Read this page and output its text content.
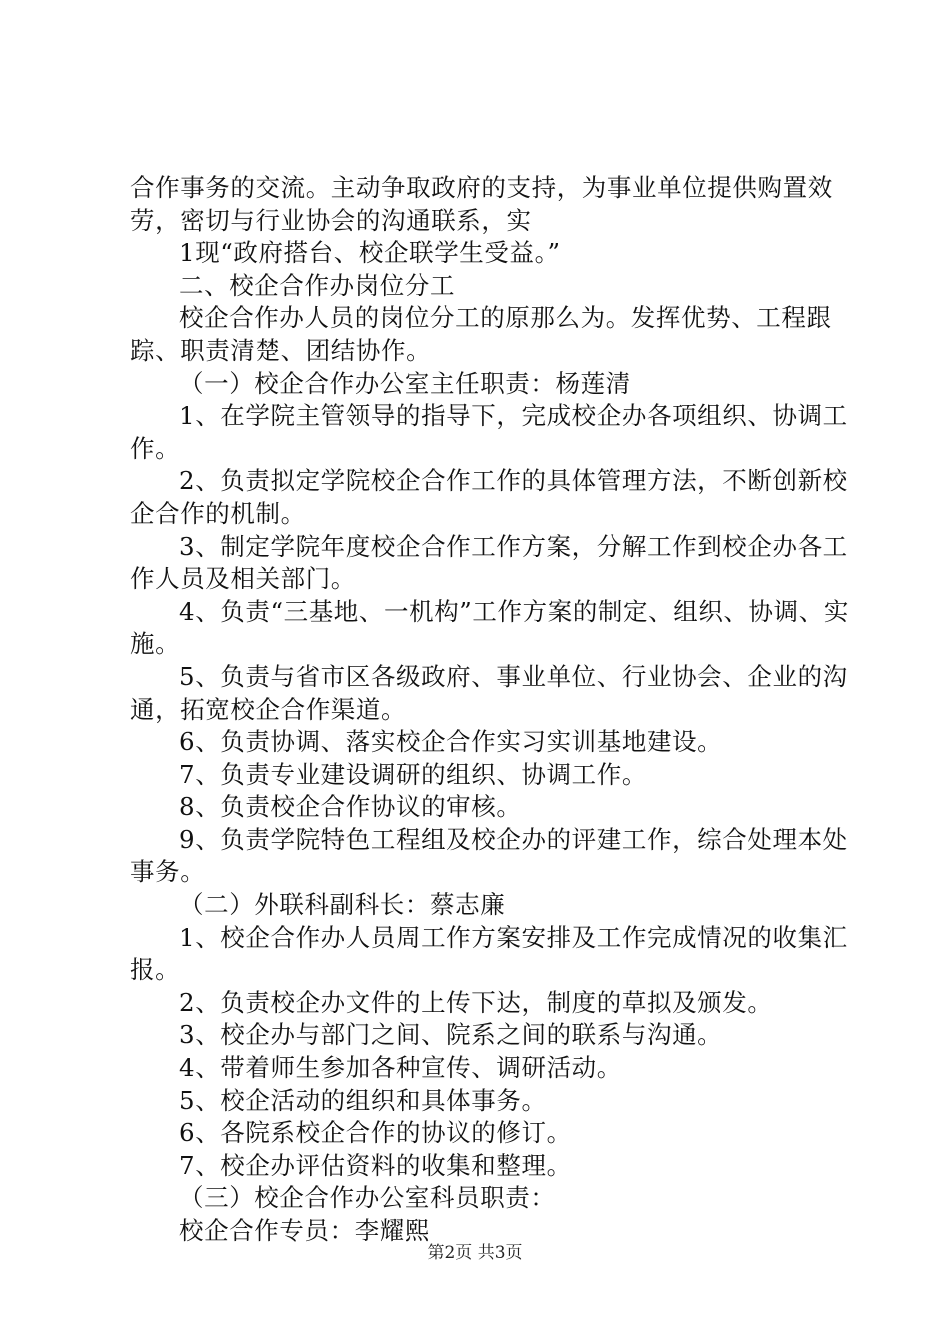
合作事务的交流。主动争取政府的支持，为事业单位提供购置效劳，密切与行业协会的沟通联系，实

1现“政府搭台、校企联学生受益。”

二、校企合作办岗位分工

校企合作办人员的岗位分工的原那么为。发挥优势、工程跟踪、职责清楚、团结协作。

（一）校企合作办公室主任职责：杨莲清

1、在学院主管领导的指导下，完成校企办各项组织、协调工作。

2、负责拟定学院校企合作工作的具体管理方法，不断创新校企合作的机制。

3、制定学院年度校企合作工作方案，分解工作到校企办各工作人员及相关部门。

4、负责“三基地、一机构”工作方案的制定、组织、协调、实施。

5、负责与省市区各级政府、事业单位、行业协会、企业的沟通，拓宽校企合作渠道。

6、负责协调、落实校企合作实习实训基地建设。

7、负责专业建设调研的组织、协调工作。

8、负责校企合作协议的审核。

9、负责学院特色工程组及校企办的评建工作，综合处理本处事务。

（二）外联科副科长：蔡志廉

1、校企合作办人员周工作方案安排及工作完成情况的收集汇报。

2、负责校企办文件的上传下达，制度的草拟及颁发。

3、校企办与部门之间、院系之间的联系与沟通。

4、带着师生参加各种宣传、调研活动。

5、校企活动的组织和具体事务。

6、各院系校企合作的协议的修订。

7、校企办评估资料的收集和整理。

（三）校企合作办公室科员职责：

校企合作专员：李耀熙

第2页 共3页
